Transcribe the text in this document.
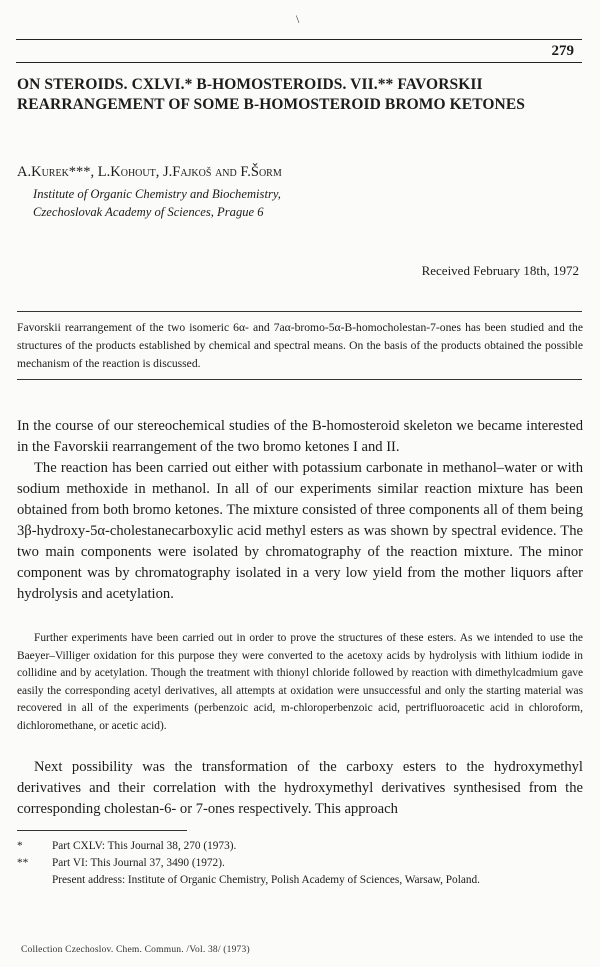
\
279
ON STEROIDS. CXLVI.* B-HOMOSTEROIDS. VII.** FAVORSKII REARRANGEMENT OF SOME B-HOMOSTEROID BROMO KETONES
A.Kurek***, L.Kohout, J.Fajkoš and F.Šorm
Institute of Organic Chemistry and Biochemistry,
Czechoslovak Academy of Sciences, Prague 6
Received February 18th, 1972
Favorskii rearrangement of the two isomeric 6α- and 7aα-bromo-5α-B-homocholestan-7-ones has been studied and the structures of the products established by chemical and spectral means. On the basis of the products obtained the possible mechanism of the reaction is discussed.

In the course of our stereochemical studies of the B-homosteroid skeleton we became interested in the Favorskii rearrangement of the two bromo ketones I and II.

The reaction has been carried out either with potassium carbonate in methanol–water or with sodium methoxide in methanol. In all of our experiments similar reaction mixture has been obtained from both bromo ketones. The mixture consisted of three components all of them being 3β-hydroxy-5α-cholestanecarboxylic acid methyl esters as was shown by spectral evidence. The two main components were isolated by chromatography of the reaction mixture. The minor component was by chromatography isolated in a very low yield from the mother liquors after hydrolysis and acetylation.

Further experiments have been carried out in order to prove the structures of these esters. As we intended to use the Baeyer–Villiger oxidation for this purpose they were converted to the acetoxy acids by hydrolysis with lithium iodide in collidine and by acetylation. Though the treatment with thionyl chloride followed by reaction with dimethylcadmium gave easily the corresponding acetyl derivatives, all attempts at oxidation were unsuccessful and only the starting material was recovered in all of the experiments (perbenzoic acid, m-chloroperbenzoic acid, pertrifluoroacetic acid in chloroform, dichloromethane, or acetic acid).

Next possibility was the transformation of the carboxy esters to the hydroxymethyl derivatives and their correlation with the hydroxymethyl derivatives synthesised from the corresponding cholestan-6- or 7-ones respectively. This approach

*	Part CXLV: This Journal 38, 270 (1973).
** Part VI: This Journal 37, 3490 (1972).
Present address: Institute of Organic Chemistry, Polish Academy of Sciences, Warsaw, Poland.
Collection Czechoslov. Chem. Commun. /Vol. 38/ (1973)
